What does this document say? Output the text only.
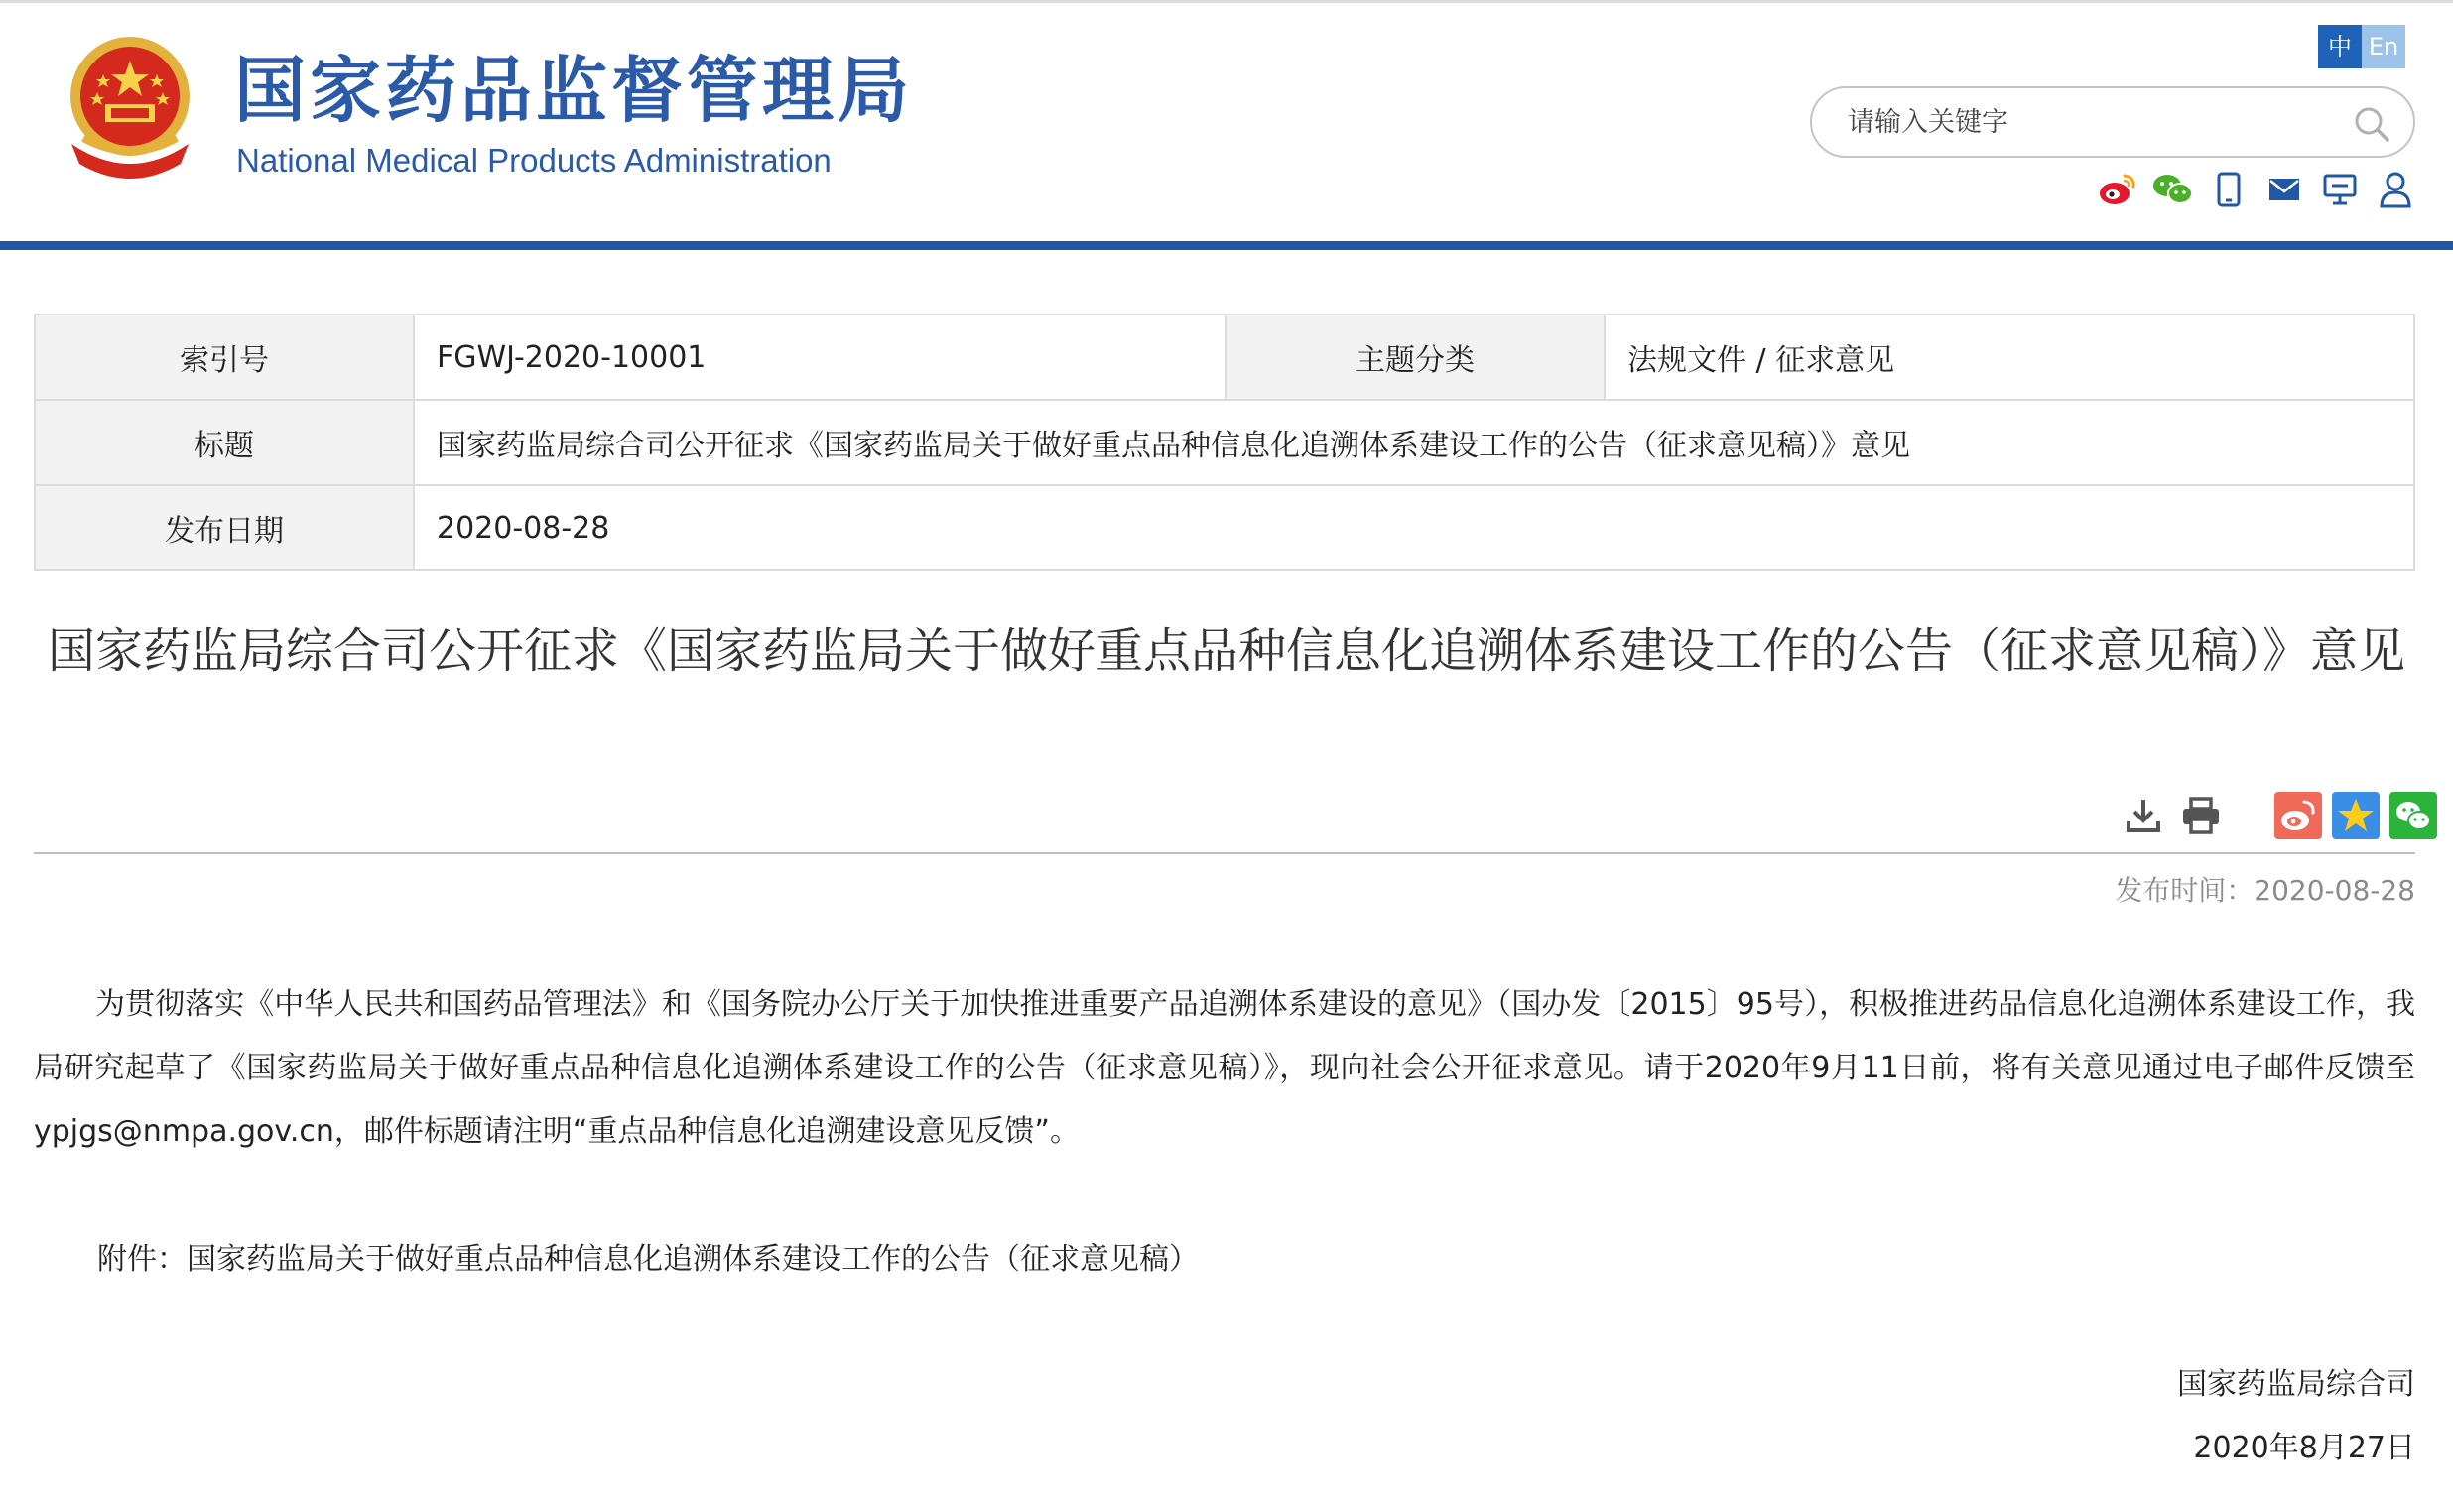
国家药品监督管理局
National Medical Products Administration
中 En
请输入关键字
索引号	FGWJ-2020-10001	主题分类	法规文件 / 征求意见
标题	国家药监局综合司公开征求《国家药监局关于做好重点品种信息化追溯体系建设工作的公告（征求意见稿）》意见		
发布日期	2020-08-28		
国家药监局综合司公开征求《国家药监局关于做好重点品种信息化追溯体系建设工作的公告（征求意见稿）》意见
发布时间：2020-08-28

为贯彻落实《中华人民共和国药品管理法》和《国务院办公厅关于加快推进重要产品追溯体系建设的意见》（国办发〔2015〕95号），积极推进药品信息化追溯体系建设工作，我局研究起草了《国家药监局关于做好重点品种信息化追溯体系建设工作的公告（征求意见稿）》，现向社会公开征求意见。请于2020年9月11日前，将有关意见通过电子邮件反馈至ypjgs@nmpa.gov.cn，邮件标题请注明“重点品种信息化追溯建设意见反馈”。

附件：国家药监局关于做好重点品种信息化追溯体系建设工作的公告（征求意见稿）
国家药监局综合司
2020年8月27日
